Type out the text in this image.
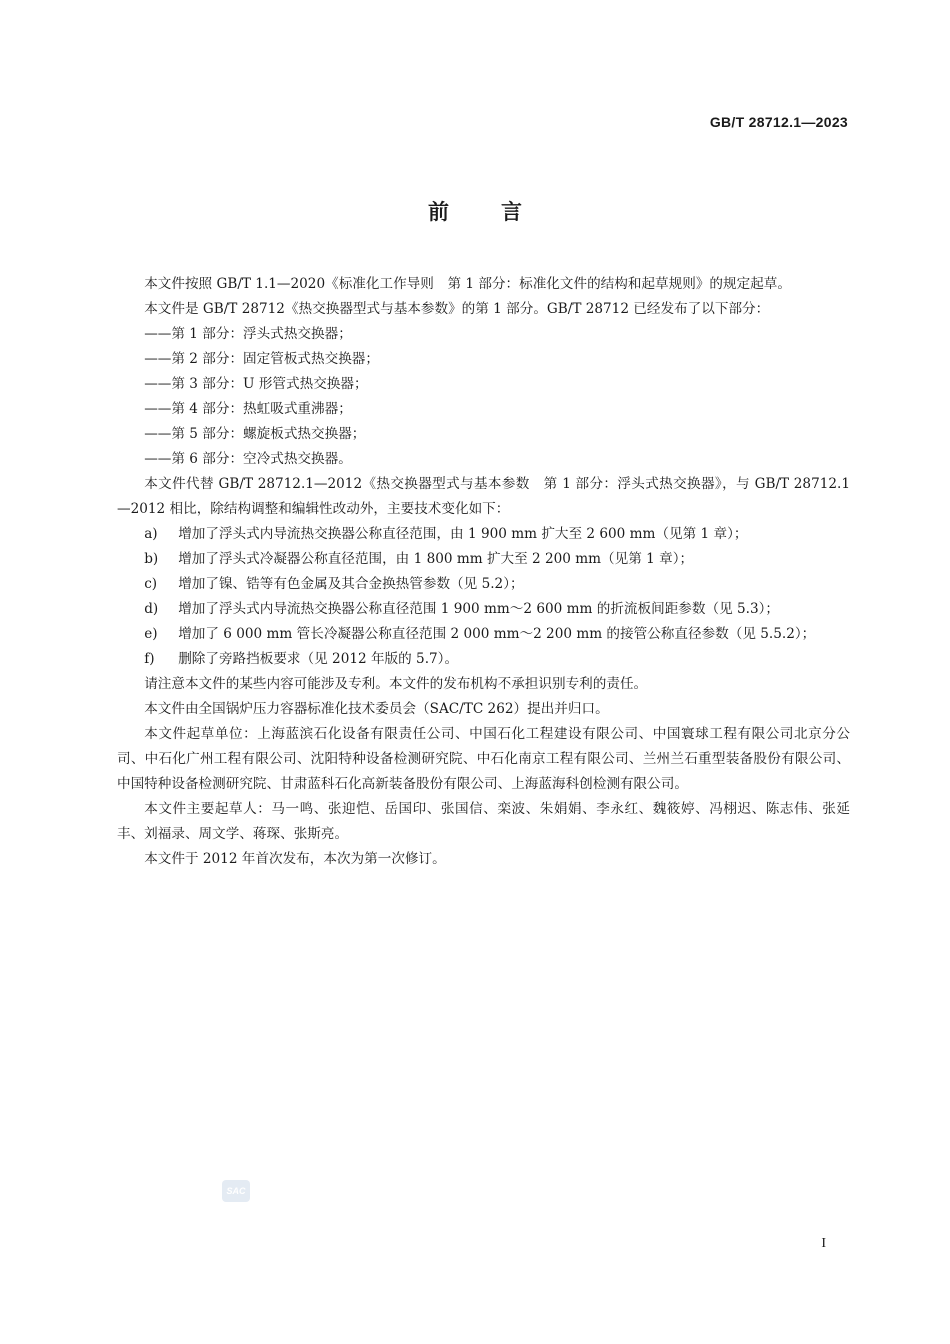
GB/T 28712.1—2023
前言

本文件按照 GB/T 1.1—2020《标准化工作导则　第 1 部分：标准化文件的结构和起草规则》的规定起草。

本文件是 GB/T 28712《热交换器型式与基本参数》的第 1 部分。GB/T 28712 已经发布了以下部分：

——第 1 部分：浮头式热交换器；

——第 2 部分：固定管板式热交换器；

——第 3 部分：U 形管式热交换器；

——第 4 部分：热虹吸式重沸器；

——第 5 部分：螺旋板式热交换器；

——第 6 部分：空冷式热交换器。

本文件代替 GB/T 28712.1—2012《热交换器型式与基本参数　第 1 部分：浮头式热交换器》，与 GB/T 28712.1—2012 相比，除结构调整和编辑性改动外，主要技术变化如下：

a)	增加了浮头式内导流热交换器公称直径范围，由 1 900 mm 扩大至 2 600 mm（见第 1 章）；
b)	增加了浮头式冷凝器公称直径范围，由 1 800 mm 扩大至 2 200 mm（见第 1 章）；
c)	增加了镍、锆等有色金属及其合金换热管参数（见 5.2）；
d)	增加了浮头式内导流热交换器公称直径范围 1 900 mm～2 600 mm 的折流板间距参数（见 5.3）；
e)	增加了 6 000 mm 管长冷凝器公称直径范围 2 000 mm～2 200 mm 的接管公称直径参数（见 5.5.2）；
f)	删除了旁路挡板要求（见 2012 年版的 5.7）。

请注意本文件的某些内容可能涉及专利。本文件的发布机构不承担识别专利的责任。

本文件由全国锅炉压力容器标准化技术委员会（SAC/TC 262）提出并归口。

本文件起草单位：上海蓝滨石化设备有限责任公司、中国石化工程建设有限公司、中国寰球工程有限公司北京分公司、中石化广州工程有限公司、沈阳特种设备检测研究院、中石化南京工程有限公司、兰州兰石重型装备股份有限公司、中国特种设备检测研究院、甘肃蓝科石化高新装备股份有限公司、上海蓝海科创检测有限公司。

本文件主要起草人：马一鸣、张迎恺、岳国印、张国信、栾波、朱娟娟、李永红、魏筱婷、冯栩迟、陈志伟、张延丰、刘福录、周文学、蒋琛、张斯亮。

本文件于 2012 年首次发布，本次为第一次修订。

SAC
I
